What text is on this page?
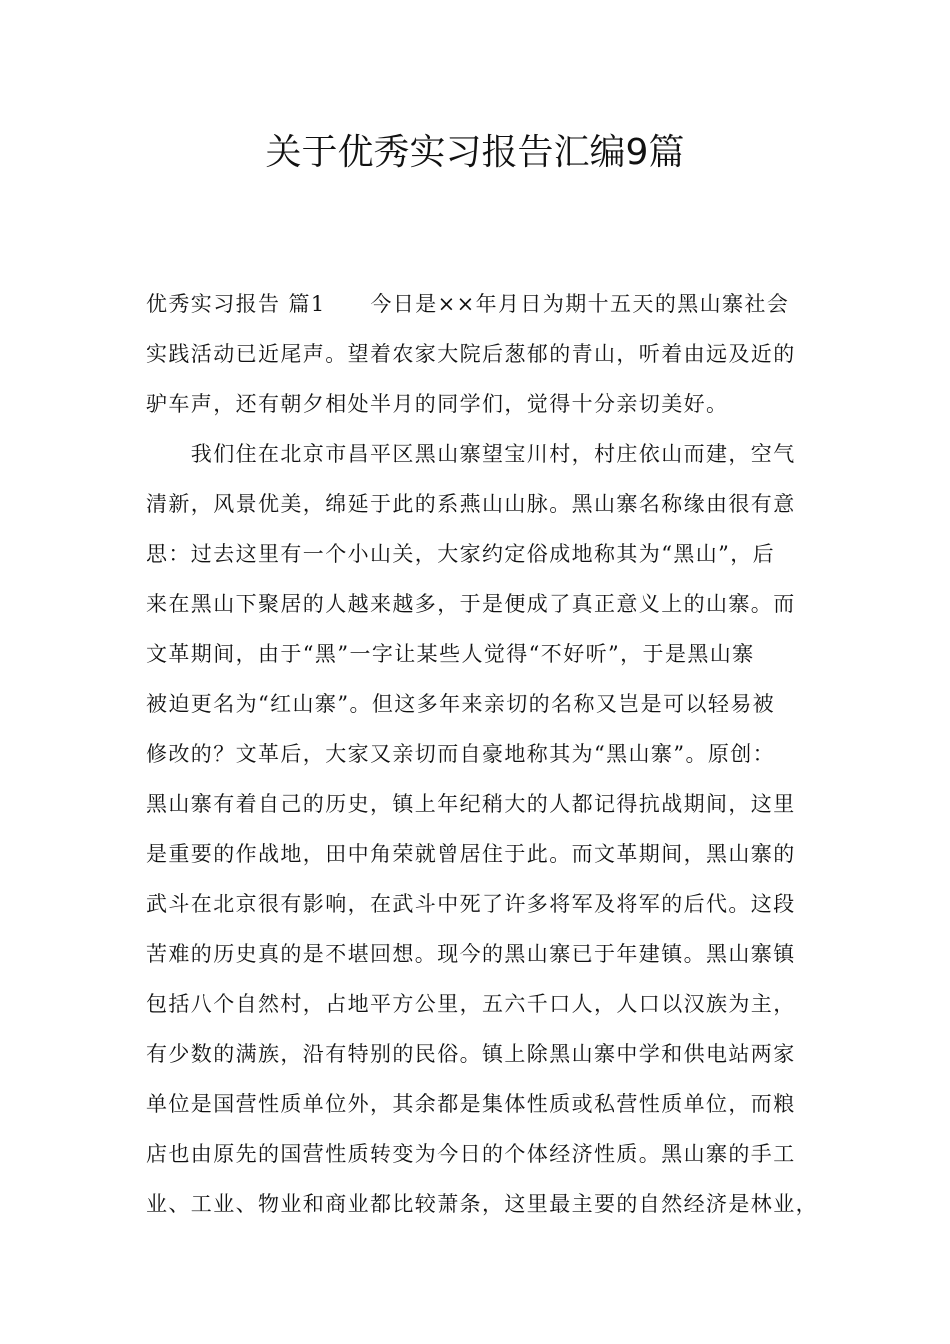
关于优秀实习报告汇编9篇
优秀实习报告 篇1　　今日是××年月日为期十五天的黑山寨社会
实践活动已近尾声。望着农家大院后葱郁的青山，听着由远及近的
驴车声，还有朝夕相处半月的同学们，觉得十分亲切美好。
　　我们住在北京市昌平区黑山寨望宝川村，村庄依山而建，空气
清新，风景优美，绵延于此的系燕山山脉。黑山寨名称缘由很有意
思：过去这里有一个小山关，大家约定俗成地称其为“黑山”，后
来在黑山下聚居的人越来越多，于是便成了真正意义上的山寨。而
文革期间，由于“黑”一字让某些人觉得“不好听”，于是黑山寨
被迫更名为“红山寨”。但这多年来亲切的名称又岂是可以轻易被
修改的？文革后，大家又亲切而自豪地称其为“黑山寨”。原创：
黑山寨有着自己的历史，镇上年纪稍大的人都记得抗战期间，这里
是重要的作战地，田中角荣就曾居住于此。而文革期间，黑山寨的
武斗在北京很有影响，在武斗中死了许多将军及将军的后代。这段
苦难的历史真的是不堪回想。现今的黑山寨已于年建镇。黑山寨镇
包括八个自然村，占地平方公里，五六千口人，人口以汉族为主，
有少数的满族，沿有特别的民俗。镇上除黑山寨中学和供电站两家
单位是国营性质单位外，其余都是集体性质或私营性质单位，而粮
店也由原先的国营性质转变为今日的个体经济性质。黑山寨的手工
业、工业、物业和商业都比较萧条，这里最主要的自然经济是林业，
